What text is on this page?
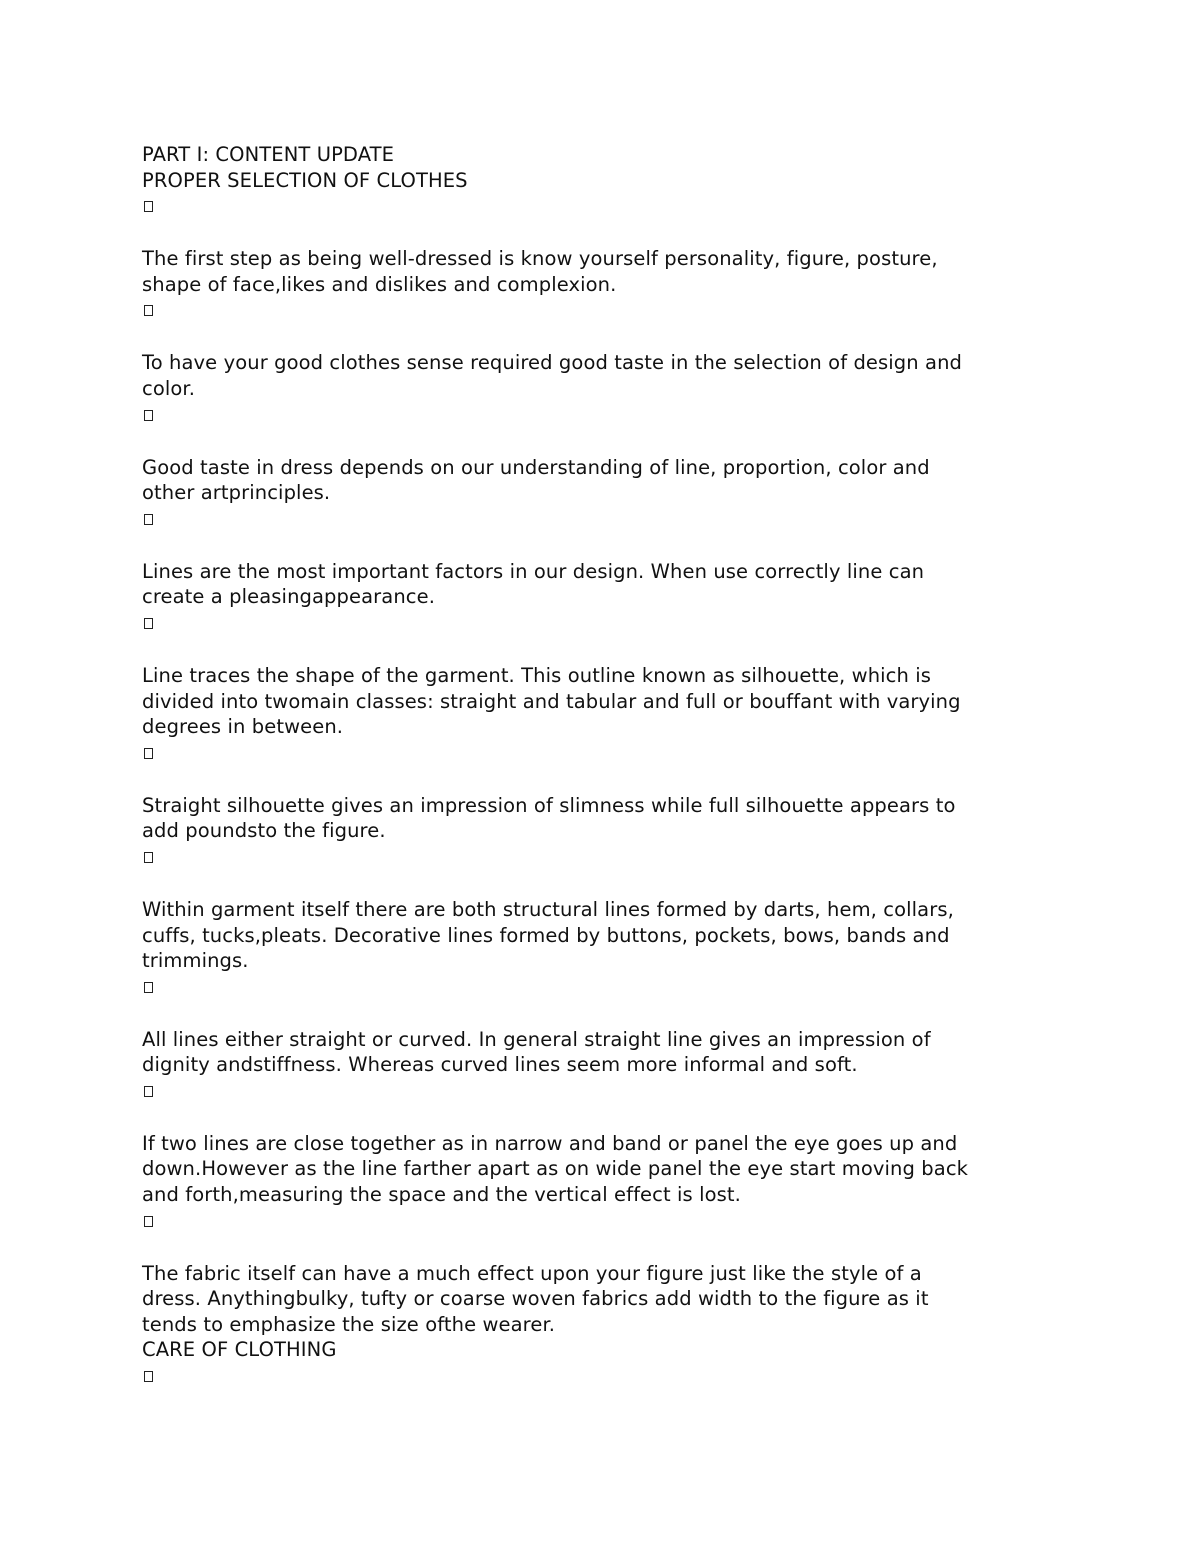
PART I: CONTENT UPDATE

PROPER SELECTION OF CLOTHES

The first step as being well-dressed is know yourself personality, figure, posture,

shape of face,likes and dislikes and complexion.

To have your good clothes sense required good taste in the selection of design and

color.

Good taste in dress depends on our understanding of line, proportion, color and

other artprinciples.

Lines are the most important factors in our design. When use correctly line can

create a pleasingappearance.

Line traces the shape of the garment. This outline known as silhouette, which is

divided into twomain classes: straight and tabular and full or bouffant with varying

degrees in between.

Straight silhouette gives an impression of slimness while full silhouette appears to

add poundsto the figure.

Within garment itself there are both structural lines formed by darts, hem, collars,

cuffs, tucks,pleats. Decorative lines formed by buttons, pockets, bows, bands and

trimmings.

All lines either straight or curved. In general straight line gives an impression of

dignity andstiffness. Whereas curved lines seem more informal and soft.

If two lines are close together as in narrow and band or panel the eye goes up and

down.However as the line farther apart as on wide panel the eye start moving back

and forth,measuring the space and the vertical effect is lost.

The fabric itself can have a much effect upon your figure just like the style of a

dress. Anythingbulky, tufty or coarse woven fabrics add width to the figure as it

tends to emphasize the size ofthe wearer.

CARE OF CLOTHING
